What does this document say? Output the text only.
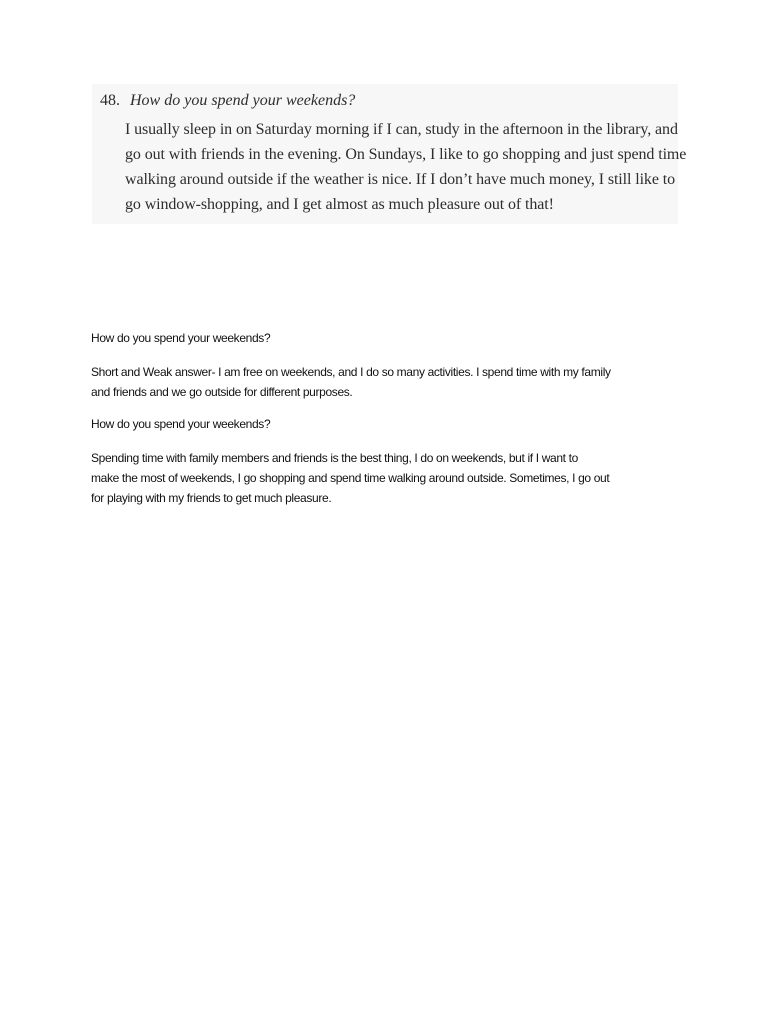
48. How do you spend your weekends?
I usually sleep in on Saturday morning if I can, study in the afternoon in the library, and
go out with friends in the evening. On Sundays, I like to go shopping and just spend time
walking around outside if the weather is nice. If I don’t have much money, I still like to
go window-shopping, and I get almost as much pleasure out of that!
How do you spend your weekends?
Short and Weak answer- I am free on weekends, and I do so many activities. I spend time with my family
and friends and we go outside for different purposes.
How do you spend your weekends?
Spending time with family members and friends is the best thing, I do on weekends, but if I want to
make the most of weekends, I go shopping and spend time walking around outside. Sometimes, I go out
for playing with my friends to get much pleasure.
